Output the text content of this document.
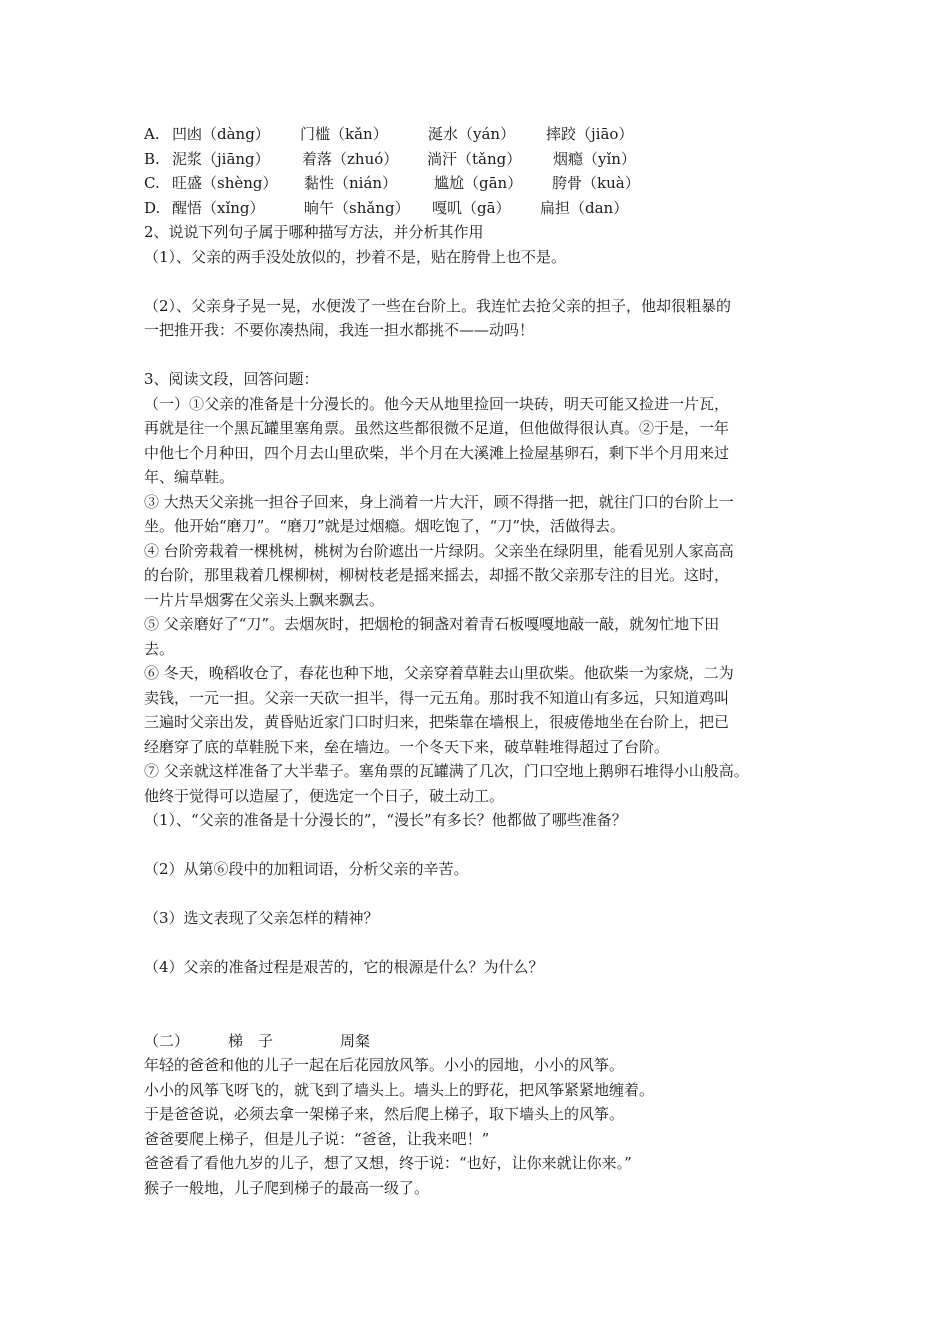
A. 凹凼（dàng） 门槛（kǎn）	涎水（yán） 摔跤（jiāo）
B. 泥浆（jiāng） 着落（zhuó） 淌汗（tǎng） 烟瘾（yǐn）
C. 旺盛（shèng） 黏性（nián） 尴尬（gān） 胯骨（kuà）
D. 醒悟（xǐng）	晌午（shǎng） 嘎叽（gā） 扁担（dan）
2、说说下列句子属于哪种描写方法，并分析其作用
（1）、父亲的两手没处放似的，抄着不是，贴在胯骨上也不是。
（2）、父亲身子晃一晃，水便泼了一些在台阶上。我连忙去抢父亲的担子，他却很粗暴的
一把推开我：不要你凑热闹，我连一担水都挑不——动吗！
3、阅读文段，回答问题：
（一）①父亲的准备是十分漫长的。他今天从地里捡回一块砖，明天可能又捡进一片瓦，
再就是往一个黑瓦罐里塞角票。虽然这些都很微不足道，但他做得很认真。②于是，一年
中他七个月种田，四个月去山里砍柴，半个月在大溪滩上捡屋基卵石，剩下半个月用来过
年、编草鞋。
③ 大热天父亲挑一担谷子回来，身上淌着一片大汗，顾不得揩一把，就往门口的台阶上一
坐。他开始“磨刀”。“磨刀”就是过烟瘾。烟吃饱了，“刀”快，活做得去。
④ 台阶旁栽着一棵桃树，桃树为台阶遮出一片绿阴。父亲坐在绿阴里，能看见别人家高高
的台阶，那里栽着几棵柳树，柳树枝老是摇来摇去，却摇不散父亲那专注的目光。这时，
一片片旱烟雾在父亲头上飘来飘去。
⑤ 父亲磨好了“刀”。去烟灰时，把烟枪的铜盏对着青石板嘎嘎地敲一敲，就匆忙地下田
去。
⑥ 冬天，晚稻收仓了，春花也种下地，父亲穿着草鞋去山里砍柴。他砍柴一为家烧，二为
卖钱，一元一担。父亲一天砍一担半，得一元五角。那时我不知道山有多远，只知道鸡叫
三遍时父亲出发，黄昏贴近家门口时归来，把柴靠在墙根上，很疲倦地坐在台阶上，把已
经磨穿了底的草鞋脱下来，垒在墙边。一个冬天下来，破草鞋堆得超过了台阶。
⑦ 父亲就这样准备了大半辈子。塞角票的瓦罐满了几次，门口空地上鹅卵石堆得小山般高。
他终于觉得可以造屋了，便选定一个日子，破土动工。
（1）、“父亲的准备是十分漫长的”，“漫长”有多长？他都做了哪些准备？
（2）从第⑥段中的加粗词语，分析父亲的辛苦。
（3）选文表现了父亲怎样的精神？
（4）父亲的准备过程是艰苦的，它的根源是什么？为什么？
（二）	梯　子	周粲
年轻的爸爸和他的儿子一起在后花园放风筝。小小的园地，小小的风筝。
小小的风筝飞呀飞的，就飞到了墙头上。墙头上的野花，把风筝紧紧地缠着。
于是爸爸说，必须去拿一架梯子来，然后爬上梯子，取下墙头上的风筝。
爸爸要爬上梯子，但是儿子说：“爸爸，让我来吧！”
爸爸看了看他九岁的儿子，想了又想，终于说：“也好，让你来就让你来。”
猴子一般地，儿子爬到梯子的最高一级了。
